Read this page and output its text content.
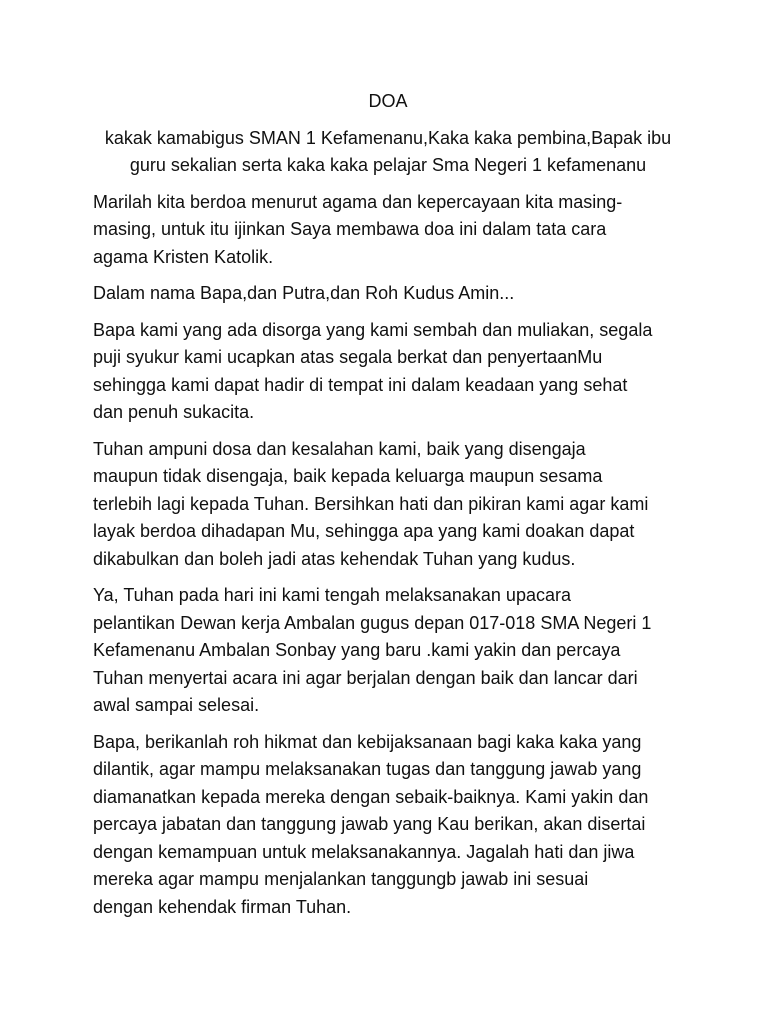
DOA

kakak kamabigus SMAN 1 Kefamenanu,Kaka kaka pembina,Bapak ibu
guru sekalian serta kaka kaka pelajar Sma Negeri 1 kefamenanu

Marilah kita berdoa menurut agama dan kepercayaan kita masing-
masing, untuk itu ijinkan Saya membawa doa ini dalam tata cara
agama Kristen Katolik.

Dalam nama Bapa,dan Putra,dan Roh Kudus Amin...

Bapa kami yang ada disorga yang kami sembah dan muliakan, segala
puji syukur kami ucapkan atas segala berkat dan penyertaanMu
sehingga kami dapat hadir di tempat ini dalam keadaan yang sehat
dan penuh sukacita.

Tuhan ampuni dosa dan kesalahan kami, baik yang disengaja
maupun tidak disengaja, baik kepada keluarga maupun sesama
terlebih lagi kepada Tuhan. Bersihkan hati dan pikiran kami agar kami
layak berdoa dihadapan Mu, sehingga apa yang kami doakan dapat
dikabulkan dan boleh jadi atas kehendak Tuhan yang kudus.

Ya, Tuhan pada hari ini kami tengah melaksanakan upacara
pelantikan Dewan kerja Ambalan gugus depan 017-018 SMA Negeri 1
Kefamenanu Ambalan Sonbay yang baru .kami yakin dan percaya
Tuhan menyertai acara ini agar berjalan dengan baik dan lancar dari
awal sampai selesai.

Bapa, berikanlah roh hikmat dan kebijaksanaan bagi kaka kaka yang
dilantik, agar mampu melaksanakan tugas dan tanggung jawab yang
diamanatkan kepada mereka dengan sebaik-baiknya. Kami yakin dan
percaya jabatan dan tanggung jawab yang Kau berikan, akan disertai
dengan kemampuan untuk melaksanakannya. Jagalah hati dan jiwa
mereka agar mampu menjalankan tanggungb jawab ini sesuai
dengan kehendak firman Tuhan.
